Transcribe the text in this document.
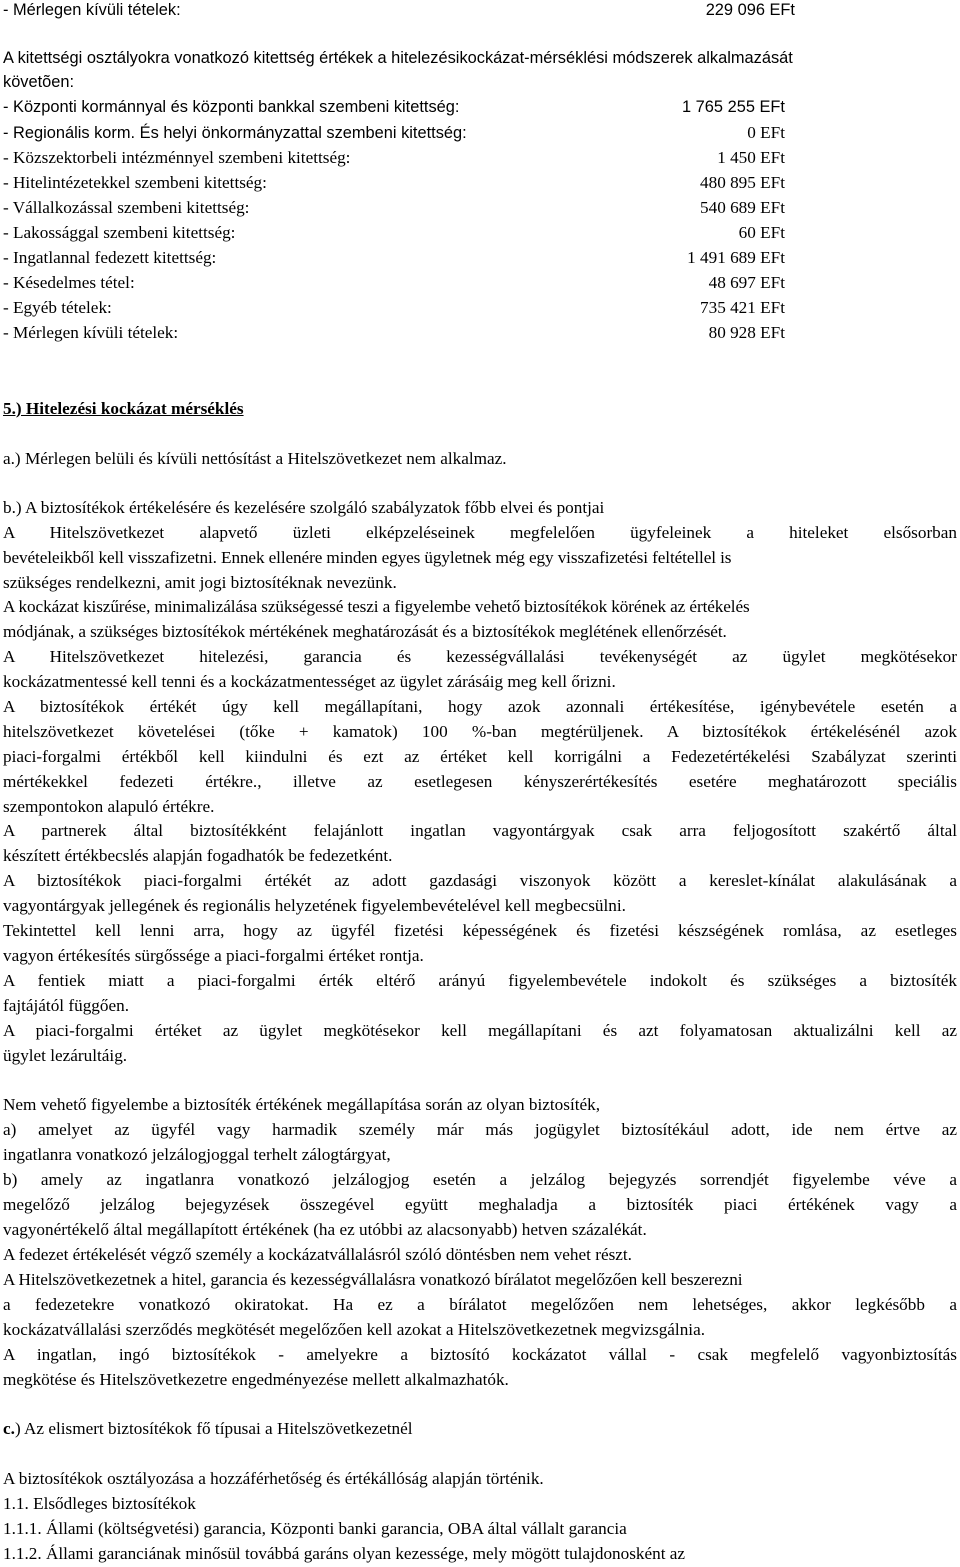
- Mérlegen kívüli tételek:	229 096 EFt
A kitettségi osztályokra vonatkozó kitettség értékek a hitelezésikockázat-mérséklési módszerek alkalmazását
követõen:
- Központi kormánnyal és központi bankkal szembeni kitettség:	1 765 255 EFt
- Regionális korm. És helyi önkormányzattal szembeni kitettség:	0 EFt
- Közszektorbeli intézménnyel szembeni kitettség:	1 450 EFt
- Hitelintézetekkel szembeni kitettség:	480 895 EFt
- Vállalkozással szembeni kitettség:	540 689 EFt
- Lakossággal szembeni kitettség:	60 EFt
- Ingatlannal fedezett kitettség:	1 491 689 EFt
- Késedelmes tétel:	48 697 EFt
- Egyéb tételek:	735 421 EFt
- Mérlegen kívüli tételek:	80 928 EFt
5.) Hitelezési kockázat mérséklés
a.) Mérlegen belüli és kívüli nettósítást a Hitelszövetkezet nem alkalmaz.
b.) A biztosítékok értékelésére és kezelésére szolgáló szabályzatok főbb elvei és pontjai
A Hitelszövetkezet alapvető üzleti elképzeléseinek megfelelően ügyfeleinek a hiteleket elsősorban
bevételeikből kell visszafizetni. Ennek ellenére minden egyes ügyletnek még egy visszafizetési feltétellel is
szükséges rendelkezni, amit jogi biztosítéknak nevezünk.
A kockázat kiszűrése, minimalizálása szükségessé teszi a figyelembe vehető biztosítékok körének az értékelés
módjának, a szükséges biztosítékok mértékének meghatározását és a biztosítékok meglétének ellenőrzését.
A Hitelszövetkezet hitelezési, garancia és kezességvállalási tevékenységét az ügylet megkötésekor
kockázatmentessé kell tenni és a kockázatmentességet az ügylet zárásáig meg kell őrizni.
A biztosítékok értékét úgy kell megállapítani, hogy azok azonnali értékesítése, igénybevétele esetén a
hitelszövetkezet követelései (tőke + kamatok) 100 %-ban megtérüljenek. A biztosítékok értékelésénél azok
piaci-forgalmi értékből kell kiindulni és ezt az értéket kell korrigálni a Fedezetértékelési Szabályzat szerinti
mértékekkel fedezeti értékre., illetve az esetlegesen kényszerértékesítés esetére meghatározott speciális
szempontokon alapuló értékre.
A partnerek által biztosítékként felajánlott ingatlan vagyontárgyak csak arra feljogosított szakértő által
készített értékbecslés alapján fogadhatók be fedezetként.
A biztosítékok piaci-forgalmi értékét az adott gazdasági viszonyok között a kereslet-kínálat alakulásának a
vagyontárgyak jellegének és regionális helyzetének figyelembevételével kell megbecsülni.
Tekintettel kell lenni arra, hogy az ügyfél fizetési képességének és fizetési készségének romlása, az esetleges
vagyon értékesítés sürgőssége a piaci-forgalmi értéket rontja.
A fentiek miatt a piaci-forgalmi érték eltérő arányú figyelembevétele indokolt és szükséges a biztosíték
fajtájától függően.
A piaci-forgalmi értéket az ügylet megkötésekor kell megállapítani és azt folyamatosan aktualizálni kell az
ügylet lezárultáig.
Nem vehető figyelembe a biztosíték értékének megállapítása során az olyan biztosíték,
a) amelyet az ügyfél vagy harmadik személy már más jogügylet biztosítékául adott, ide nem értve az
ingatlanra vonatkozó jelzálogjoggal terhelt zálogtárgyat,
b) amely az ingatlanra vonatkozó jelzálogjog esetén a jelzálog bejegyzés sorrendjét figyelembe véve a
megelőző jelzálog bejegyzések összegével együtt meghaladja a biztosíték piaci értékének vagy a
vagyonértékelő által megállapított értékének (ha ez utóbbi az alacsonyabb) hetven százalékát.
A fedezet értékelését végző személy a kockázatvállalásról szóló döntésben nem vehet részt.
A Hitelszövetkezetnek a hitel, garancia és kezességvállalásra vonatkozó bírálatot megelőzően kell beszerezni
a fedezetekre vonatkozó okiratokat. Ha ez a bírálatot megelőzően nem lehetséges, akkor legkésőbb a
kockázatvállalási szerződés megkötését megelőzően kell azokat a Hitelszövetkezetnek megvizsgálnia.
A ingatlan, ingó biztosítékok - amelyekre a biztosító kockázatot vállal - csak megfelelő vagyonbiztosítás
megkötése és Hitelszövetkezetre engedményezése mellett alkalmazhatók.
c.) Az elismert biztosítékok fő típusai a Hitelszövetkezetnél
A biztosítékok osztályozása a hozzáférhetőség és értékállóság alapján történik.
1.1. Elsődleges biztosítékok
1.1.1. Állami (költségvetési) garancia, Központi banki garancia, OBA által vállalt garancia
1.1.2. Állami garanciának minősül továbbá garáns olyan kezessége, mely mögött tulajdonosként az
